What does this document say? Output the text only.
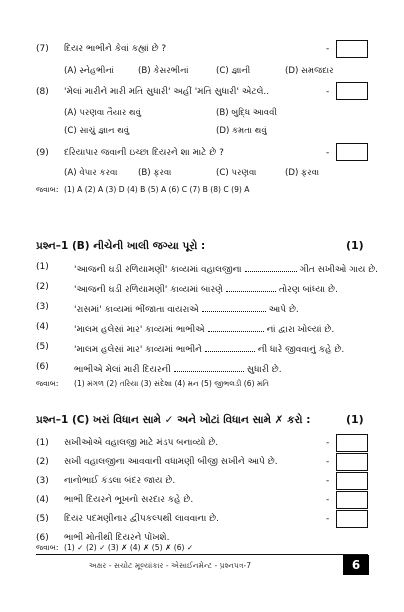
(7) દિયર ભાભીને કેવાં કહ્યાં છે ?	-
(A) સ્નેહભીનાં	(B) કેસરભીનાં	(C) જ્ઞાની	(D) સમજદાર
(8) 'મેલાં મારીને મારી મતિ સુધારી' અહીં 'મતિ સુધારી' એટલે..	-
(A) પરણવા તૈયાર થવું	(B) બુદ્ધિ આવવી
(C) સાચું જ્ઞાન થવું	(D) કમતા થવું
(9) દરિયાપાર જવાની ઇચ્છા દિયરને શા માટે છે ?	-
(A) વેપાર કરવા (B) ફરવા	(C) પરણવા	(D) ફરવા
જવાબ: (1) A (2) A (3) D (4) B (5) A (6) C (7) B (8) C (9) A
પ્રશ્ન–1 (B) નીચેની ખાલી જગ્યા પૂરો :	(1)
(1)	'આજની ઘડી રળિયામણી' કાવ્યમાં વહાલજીના	ગીત સખીઓ ગાય છે.
(2)	'આજની ઘડી રળિયામણી' કાવ્યમાં બારણે	તોરણ બાંધ્યા છે.
(3)	'રાસમાં' કાવ્યમાં ભીંજાતા વાયરાએ	આપે છે.
(4)	'માલમ હલેસાં માર' કાવ્યમાં ભાભીએ	નાં દ્વારા ખોલ્યાં છે.
(5)	'માલમ હલેસાં માર' કાવ્યમાં ભાભીને	ની ધારે જીવવાનું કહે છે.
(6)	ભાભીએ મેલાં મારી દિયરની	સુધારી છે.
જવાબ: (1) મંગળ (2) તરિયા (3) સંદેશા (4) મન (5) જીભલડી (6) મતિ
પ્રશ્ન–1 (C) ખરાં વિધાન સામે ✓ અને ખોટાં વિધાન સામે ✗ કરો :	(1)
(1) સખીઓએ વહાલજી માટે મંડપ બનાવ્યો છે.	-
(2) સખી વહાલજીના આવવાની વધામણી બીજી સખીને આપે છે.	-
(3) નાનોભાઈ કંડલા બંદર જાય છે.	-
(4) ભાભી દિયરને ભૂખનો સરદાર કહે છે.	-
(5) દિયર પદમણીનાર દ્વીપકલ્પથી લાવવાના છે.	-
(6) ભાભી મોતીથી દિયરને પોંખશે.
જવાબ: (1) ✓ (2) ✓ (3) ✗ (4) ✗ (5) ✗ (6) ✓
અક્ષર - સચોટ મૂલ્યાંકાર - એસાઈનમેન્ટ - પ્રશ્નપત્ર-7	6
